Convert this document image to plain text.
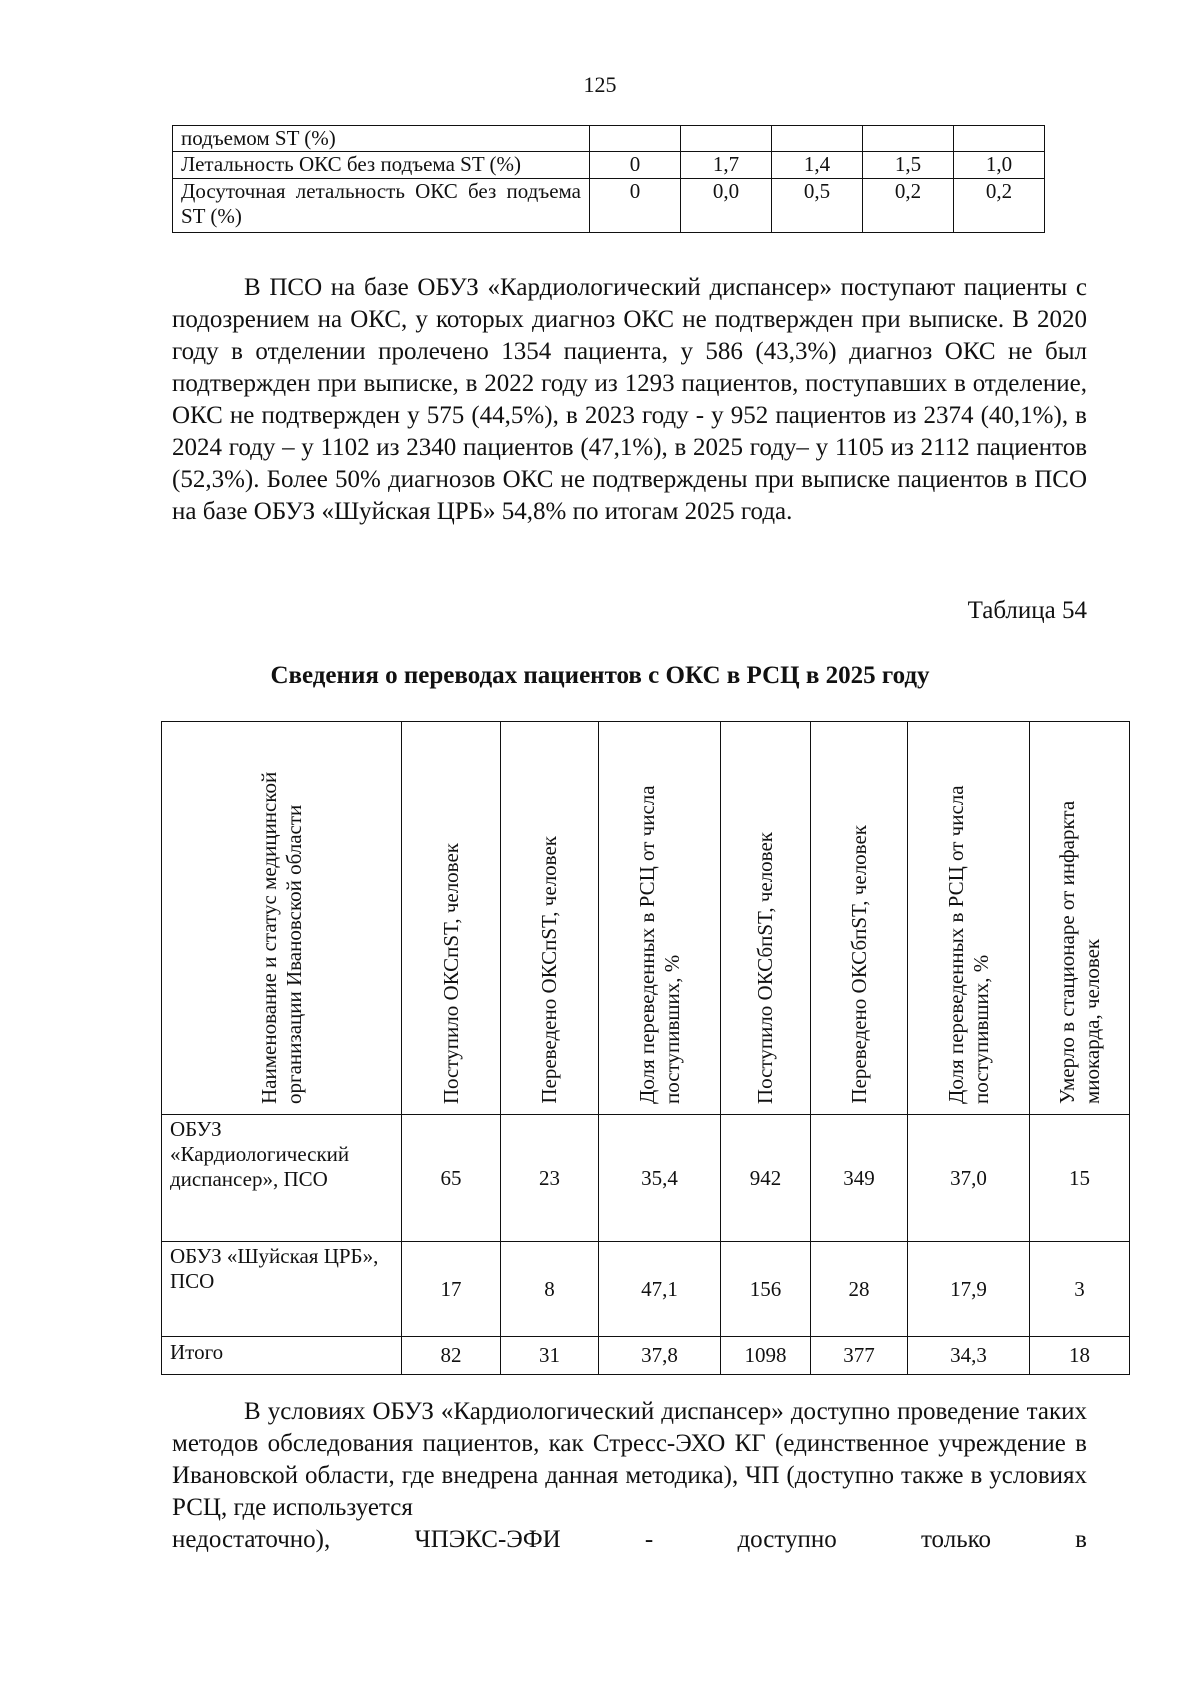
125
подъемом ST (%)					
Летальность ОКС без подъема ST (%)	0	1,7	1,4	1,5	1,0
Досуточная летальность ОКС без подъема ST (%)	0	0,0	0,5	0,2	0,2

В ПСО на базе ОБУЗ «Кардиологический диспансер» поступают пациенты с подозрением на ОКС, у которых диагноз ОКС не подтвержден при выписке. В 2020 году в отделении пролечено 1354 пациента, у 586 (43,3%) диагноз ОКС не был подтвержден при выписке, в 2022 году из 1293 пациентов, поступавших в отделение, ОКС не подтвержден у 575 (44,5%), в 2023 году - у 952 пациентов из 2374 (40,1%), в 2024 году – у 1102 из 2340 пациентов (47,1%), в 2025 году– у 1105 из 2112 пациентов (52,3%). Более 50% диагнозов ОКС не подтверждены при выписке пациентов в ПСО на базе ОБУЗ «Шуйская ЦРБ» 54,8% по итогам 2025 года.

Таблица 54
Сведения о переводах пациентов с ОКС в РСЦ в 2025 году
Наименование и статус медицинской организации Ивановской области	Поступило ОКСпST, человек	Переведено ОКСпST, человек	Доля переведенных в РСЦ от числа поступивших, %	Поступило ОКСбпST, человек	Переведено ОКСбпST, человек	Доля переведенных в РСЦ от числа поступивших, %	Умерло в стационаре от инфаркта миокарда, человек

ОБУЗ «Кардиологический диспансер», ПСО	65	23	35,4	942	349	37,0	15
ОБУЗ «Шуйская ЦРБ», ПСО	17	8	47,1	156	28	17,9	3
Итого	82	31	37,8	1098	377	34,3	18

В условиях ОБУЗ «Кардиологический диспансер» доступно проведение таких методов обследования пациентов, как Стресс-ЭХО КГ (единственное учреждение в Ивановской области, где внедрена данная методика), ЧП (доступно также в условиях РСЦ, где используется
недостаточно), ЧПЭКС-ЭФИ - доступно только в
